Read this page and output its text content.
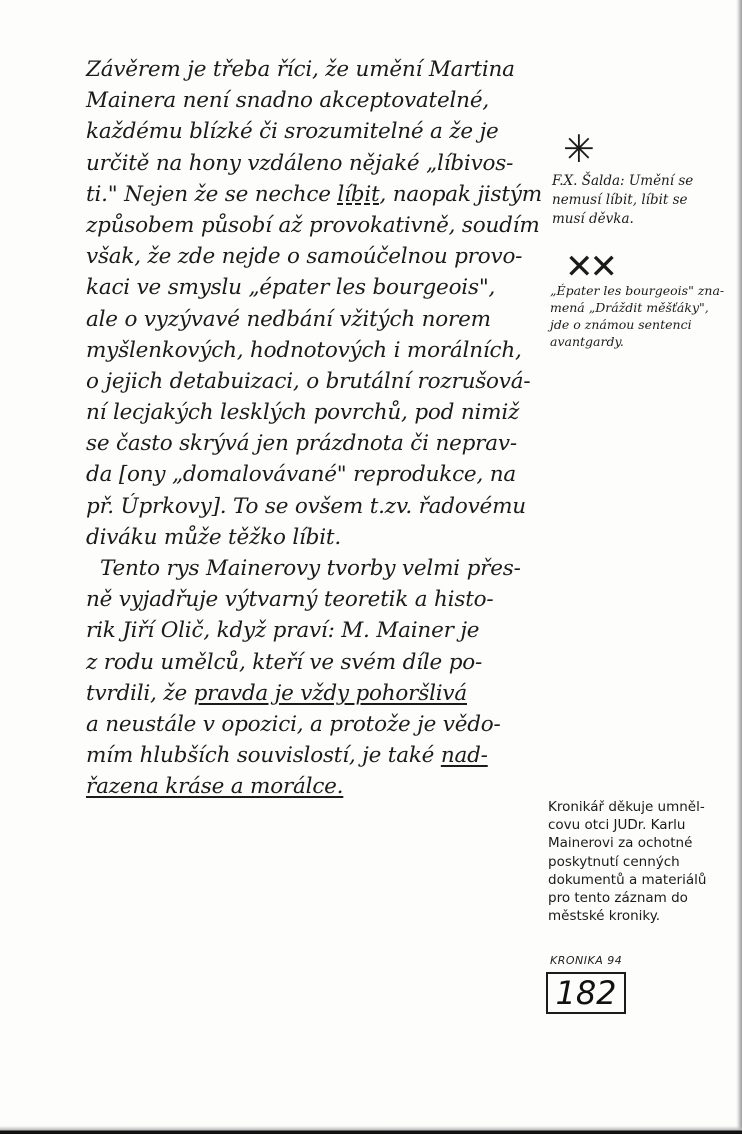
Závěrem je třeba říci, že umění Martina
Mainera není snadno akceptovatelné,
každému blízké či srozumitelné a že je
určitě na hony vzdáleno nějaké „líbivos-
ti." Nejen že se nechce líbit, naopak jistým
způsobem působí až provokativně, soudím
však, že zde nejde o samoúčelnou provo-
kaci ve smyslu „épater les bourgeois",
ale o vyzývavé nedbání vžitých norem
myšlenkových, hodnotových i morálních,
o jejich detabuizaci, o brutální rozrušová-
ní lecjakých lesklých povrchů, pod nimiž
se často skrývá jen prázdnota či neprav-
da [ony „domalovávané" reprodukce, na
př. Úprkovy]. To se ovšem t.zv. řadovému
diváku může těžko líbit.
Tento rys Mainerovy tvorby velmi přes-
ně vyjadřuje výtvarný teoretik a histo-
rik Jiří Olič, když praví: M. Mainer je
z rodu umělců, kteří ve svém díle po-
tvrdili, že pravda je vždy pohoršlivá
a neustále v opozici, a protože je vědo-
mím hlubších souvislostí, je také nad-
řazena kráse a morálce.
✳
F.X. Šalda: Umění se
nemusí líbit, líbit se
musí děvka.
✕✕
„Épater les bourgeois" zna-
mená „Dráždit měšťáky",
jde o známou sentenci
avantgardy.
Kronikář děkuje umněl-
covu otci JUDr. Karlu
Mainerovi za ochotné
poskytnutí cenných
dokumentů a materiálů
pro tento záznam do
městské kroniky.
KRONIKA 94
182
